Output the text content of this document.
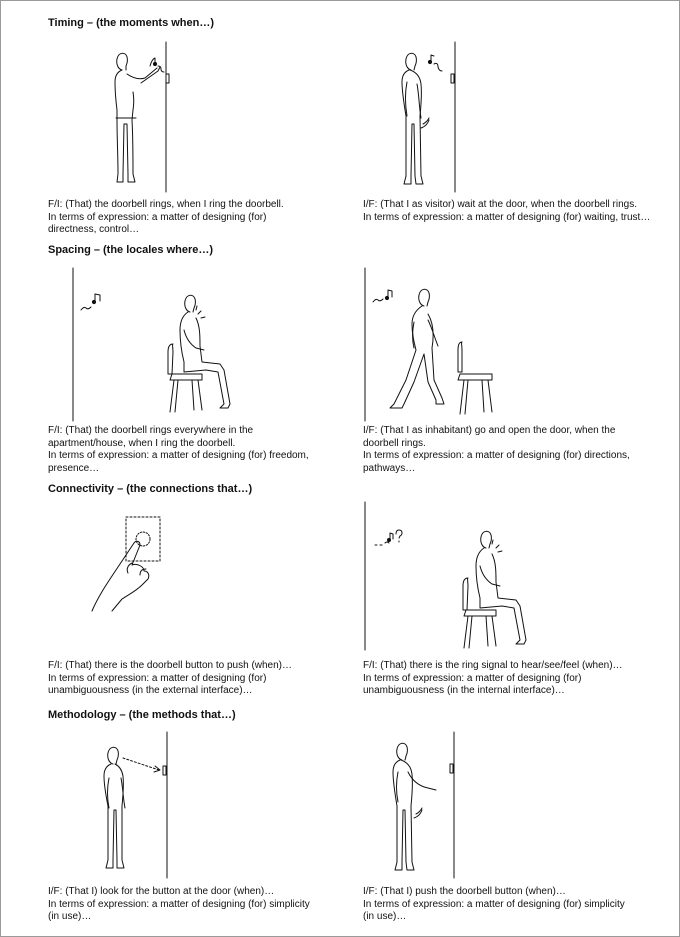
Timing – (the moments when…)
Spacing – (the locales where…)
Connectivity – (the connections that…)
Methodology – (the methods that…)
F/I: (That) the doorbell rings, when I ring the doorbell.
In terms of expression: a matter of designing (for)
directness, control…
I/F: (That I as visitor) wait at the door, when the doorbell rings.
In terms of expression: a matter of designing (for) waiting, trust…
F/I: (That) the doorbell rings everywhere in the
apartment/house, when I ring the doorbell.
In terms of expression: a matter of designing (for) freedom,
presence…
I/F: (That I as inhabitant) go and open the door, when the
doorbell rings.
In terms of expression: a matter of designing (for) directions,
pathways…
F/I: (That) there is the doorbell button to push (when)…
In terms of expression: a matter of designing (for)
unambiguousness (in the external interface)…
F/I: (That) there is the ring signal to hear/see/feel (when)…
In terms of expression: a matter of designing (for)
unambiguousness (in the internal interface)…
I/F: (That I) look for the button at the door (when)…
In terms of expression: a matter of designing (for) simplicity
(in use)…
I/F: (That I) push the doorbell button (when)…
In terms of expression: a matter of designing (for) simplicity
(in use)…
